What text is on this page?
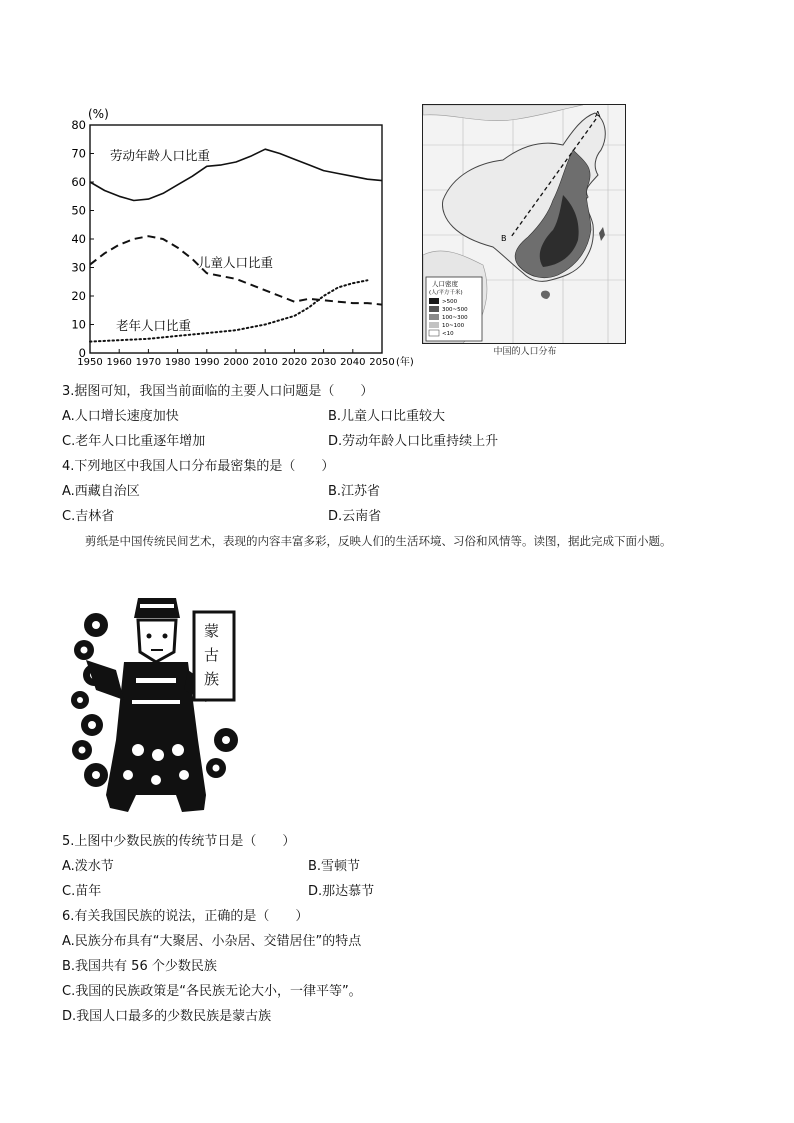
(%)
0
10
20
30
40
50
60
70
80
1950 1960 1970 1980 1990 2000 2010 2020 2030 2040 2050 (年)
劳动年龄人口比重
儿童人口比重
老年人口比重
A
B
人口密度
(人/平方千米)
>500
300~500
100~300
10~100
<10
中国的人口分布
3.据图可知，我国当前面临的主要人口问题是（　　）
A.人口增长速度加快	B.儿童人口比重较大
C.老年人口比重逐年增加	D.劳动年龄人口比重持续上升
4.下列地区中我国人口分布最密集的是（　　）
A.西藏自治区	B.江苏省
C.吉林省	D.云南省
剪纸是中国传统民间艺术，表现的内容丰富多彩，反映人们的生活环境、习俗和风情等。读图，据此完成下面小题。
蒙 古 族
5.上图中少数民族的传统节日是（　　）
A.泼水节	B.雪顿节
C.苗年	D.那达慕节
6.有关我国民族的说法，正确的是（　　）
A.民族分布具有“大聚居、小杂居、交错居住”的特点
B.我国共有 56 个少数民族
C.我国的民族政策是“各民族无论大小，一律平等”。
D.我国人口最多的少数民族是蒙古族
